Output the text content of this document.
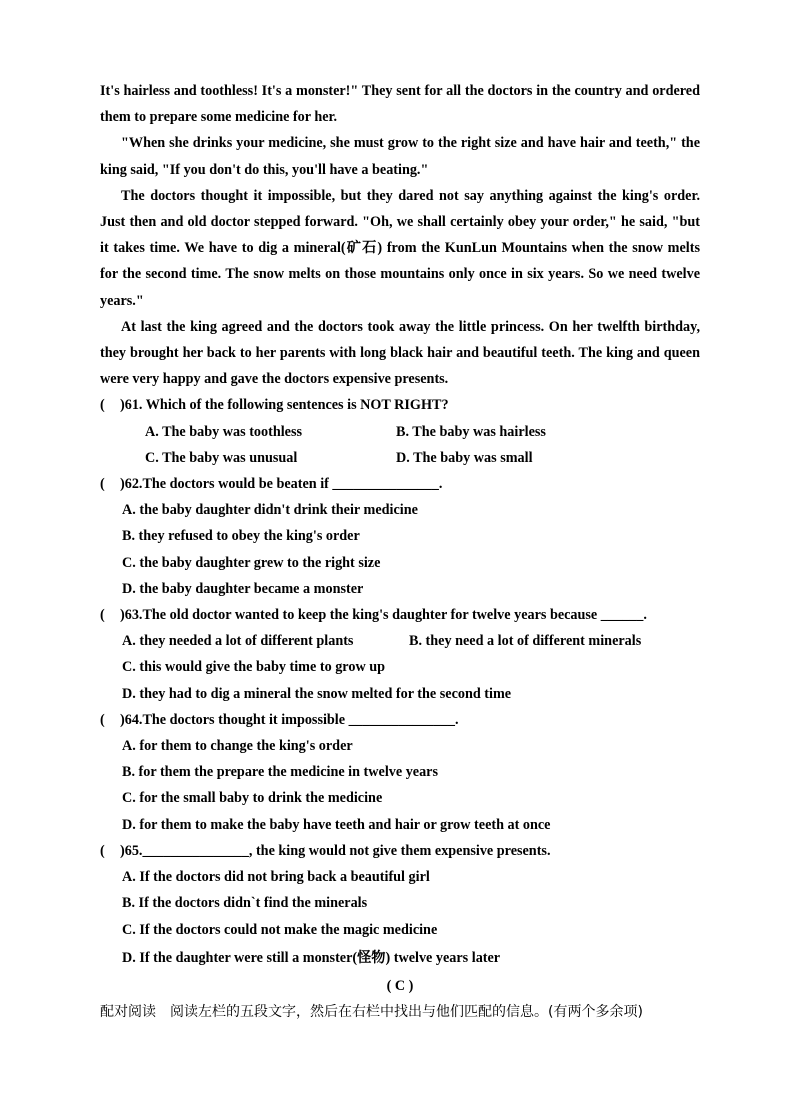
It's hairless and toothless! It's a monster!" They sent for all the doctors in the country and ordered them to prepare some medicine for her.

"When she drinks your medicine, she must grow to the right size and have hair and teeth," the king said, "If you don't do this, you'll have a beating."

The doctors thought it impossible, but they dared not say anything against the king's order. Just then and old doctor stepped forward. "Oh, we shall certainly obey your order," he said, "but it takes time. We have to dig a mineral(矿石) from the KunLun Mountains when the snow melts for the second time. The snow melts on those mountains only once in six years. So we need twelve years."

At last the king agreed and the doctors took away the little princess. On her twelfth birthday, they brought her back to her parents with long black hair and beautiful teeth. The king and queen were very happy and gave the doctors expensive presents.

( )61. Which of the following sentences is NOT RIGHT?

A. The baby was toothless	B. The baby was hairless

C. The baby was unusual	D. The baby was small

( )62.The doctors would be beaten if _______________.

A. the baby daughter didn't drink their medicine

B. they refused to obey the king's order

C. the baby daughter grew to the right size

D. the baby daughter became a monster

( )63.The old doctor wanted to keep the king's daughter for twelve years because ______.

A. they needed a lot of different plants	B. they need a lot of different minerals

C. this would give the baby time to grow up

D. they had to dig a mineral the snow melted for the second time

( )64.The doctors thought it impossible _______________.

A. for them to change the king's order

B. for them the prepare the medicine in twelve years

C. for the small baby to drink the medicine

D. for them to make the baby have teeth and hair or grow teeth at once

( )65._______________, the king would not give them expensive presents.

A. If the doctors did not bring back a beautiful girl

B. If the doctors didn`t find the minerals

C. If the doctors could not make the magic medicine

D. If the daughter were still a monster(怪物) twelve years later

( C )

配对阅读　阅读左栏的五段文字，然后在右栏中找出与他们匹配的信息。(有两个多余项)
